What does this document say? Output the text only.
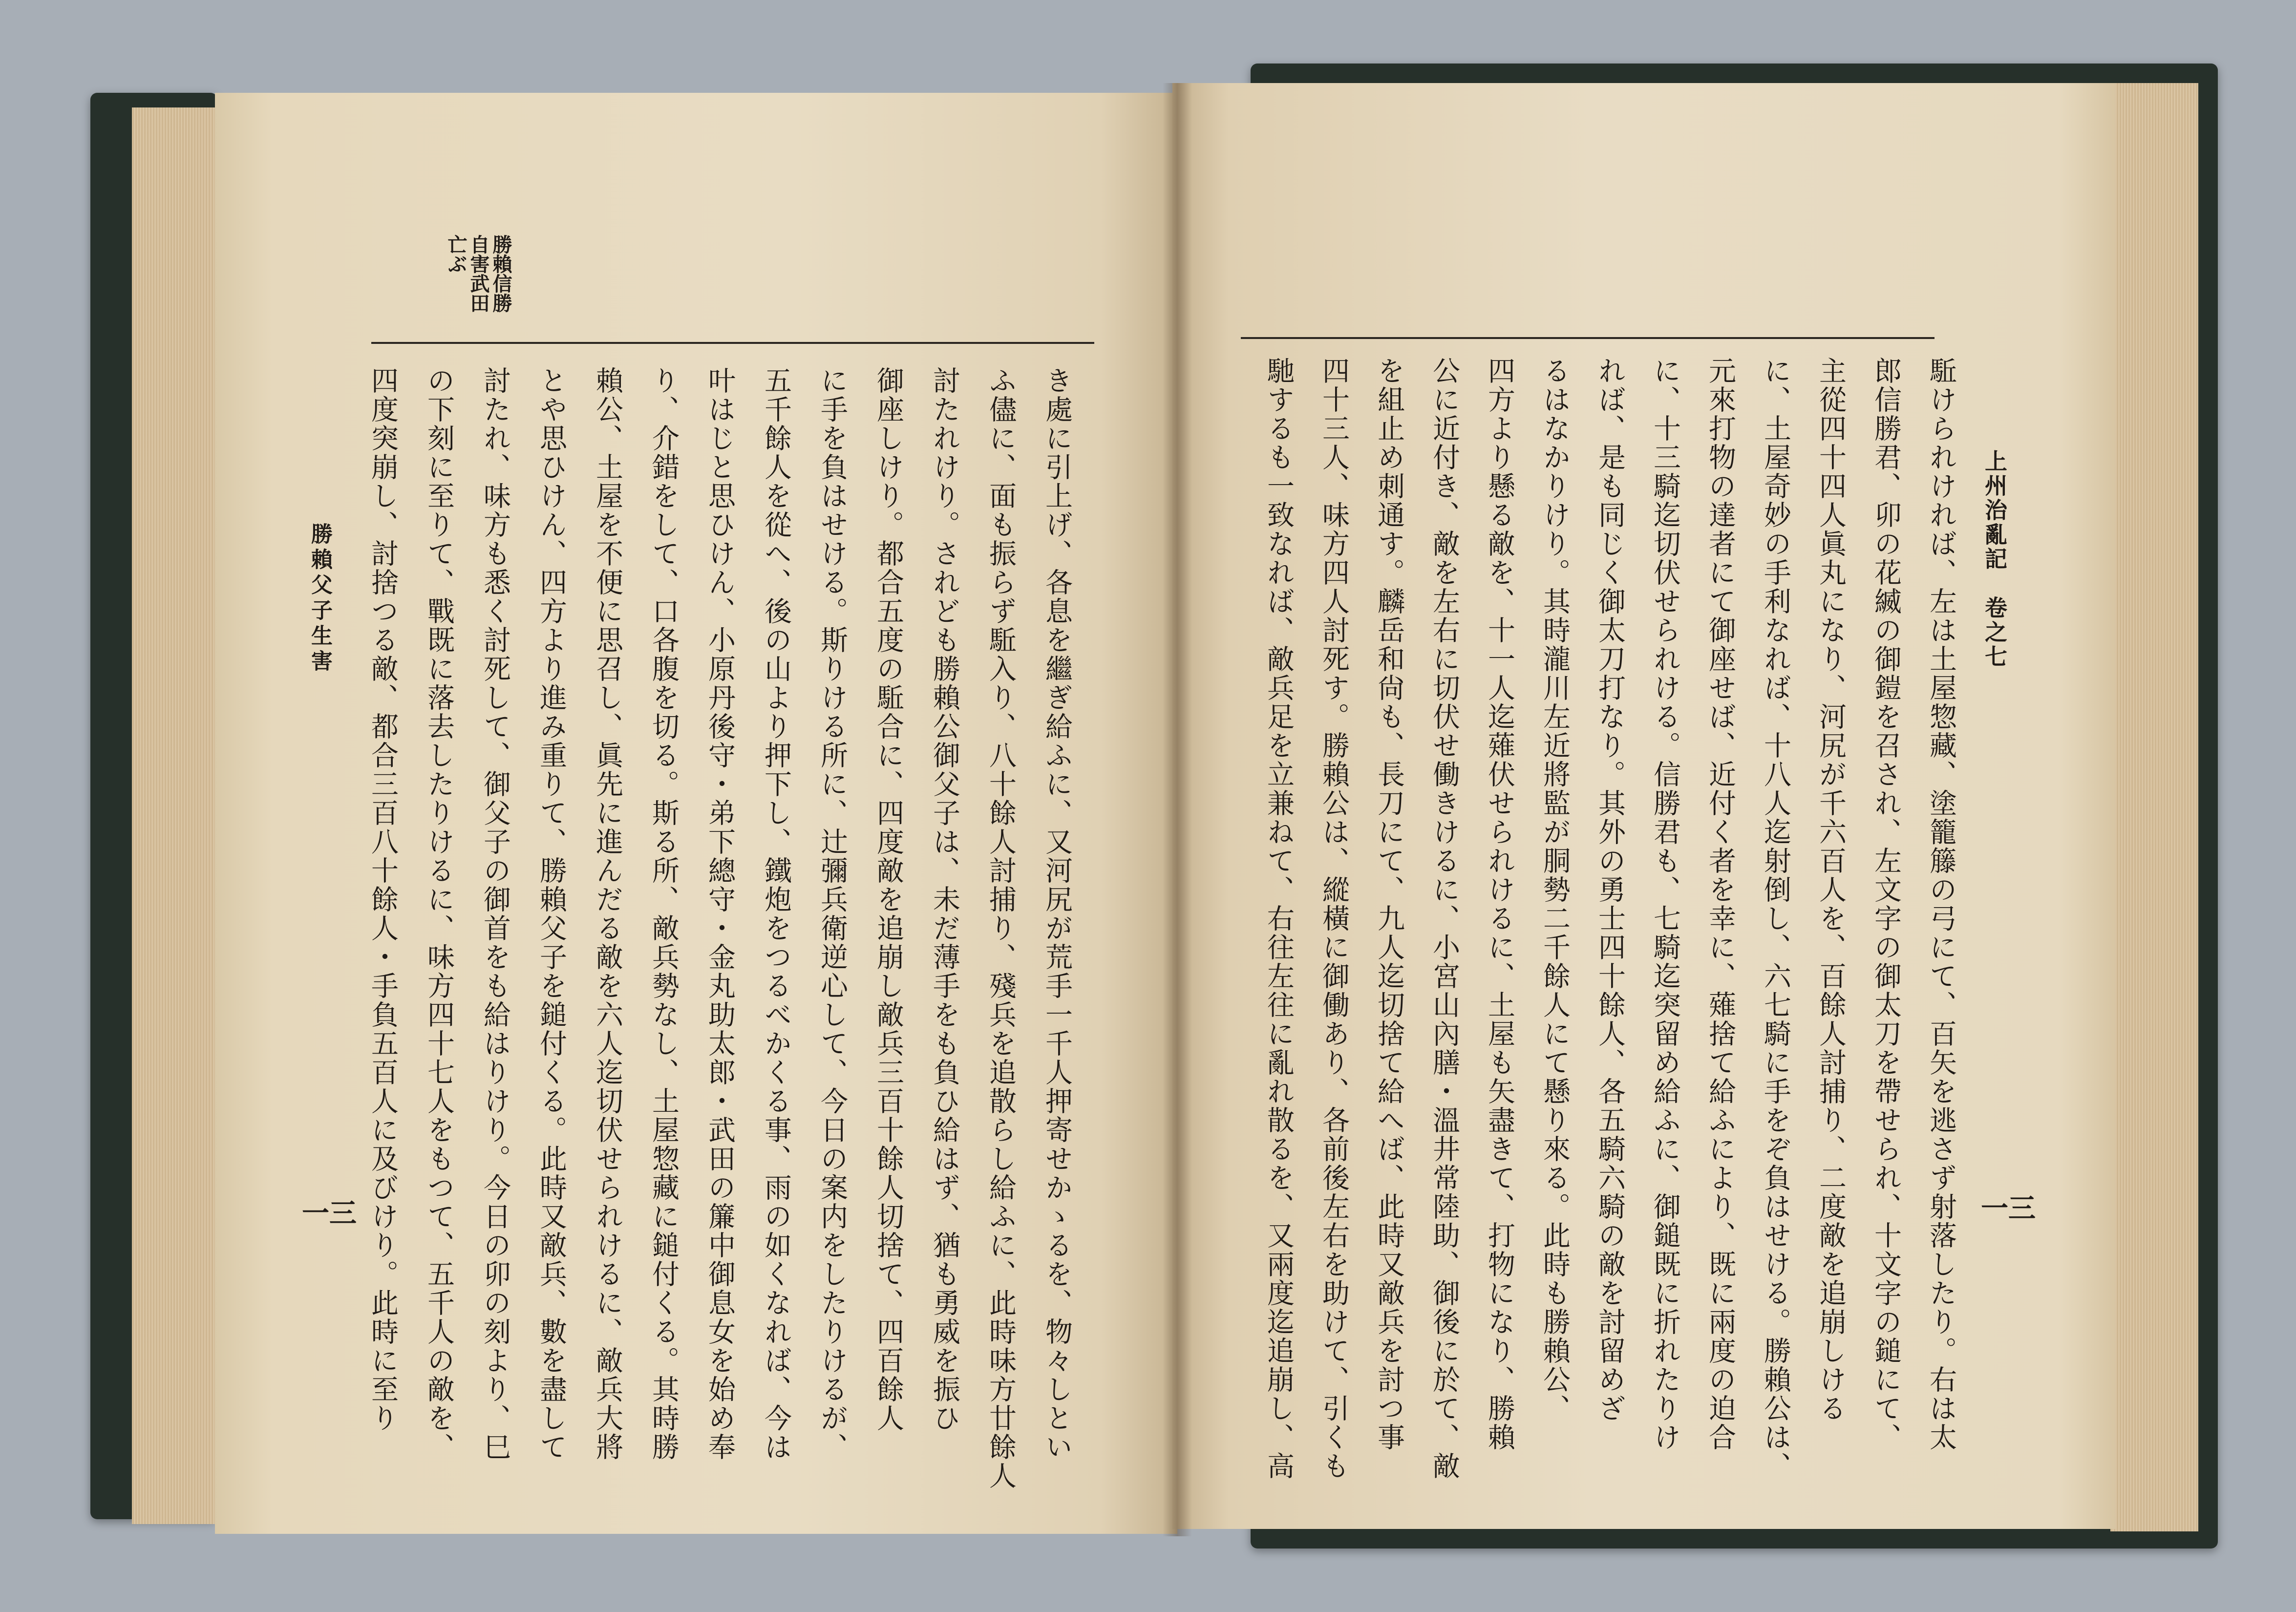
勝賴信勝
自害武田
亡ぶ
き處に引上げ、各息を繼ぎ給ふに、又河尻が荒手一千人押寄せかゝるを、物々しとい
ふ儘に、面も振らず駈入り、八十餘人討捕り、殘兵を追散らし給ふに、此時味方廿餘人
討たれけり。されども勝賴公御父子は、未だ薄手をも負ひ給はず、猶も勇威を振ひ
御座しけり。都合五度の駈合に、四度敵を追崩し敵兵三百十餘人切捨て、四百餘人
に手を負はせける。斯りける所に、辻彌兵衛逆心して、今日の案内をしたりけるが、
五千餘人を從へ、後の山より押下し、鐵炮をつるべかくる事、雨の如くなれば、今は
叶はじと思ひけん、小原丹後守・弟下總守・金丸助太郎・武田の簾中御息女を始め奉
り、介錯をして、口各腹を切る。斯る所、敵兵勢なし、土屋惣藏に鎚付くる。其時勝
賴公、土屋を不便に思召し、眞先に進んだる敵を六人迄切伏せられけるに、敵兵大將
とや思ひけん、四方より進み重りて、勝賴父子を鎚付くる。此時又敵兵、數を盡して
討たれ、味方も悉く討死して、御父子の御首をも給はりけり。今日の卯の刻より、巳
の下刻に至りて、戰既に落去したりけるに、味方四十七人をもつて、五千人の敵を、
四度突崩し、討捨つる敵、都合三百八十餘人・手負五百人に及びけり。此時に至り
勝賴父子生害
一三
上州治亂記　卷之七
駈けられければ、左は土屋惣藏、塗籠籐の弓にて、百矢を逃さず射落したり。右は太
郎信勝君、卯の花縅の御鎧を召され、左文字の御太刀を帶せられ、十文字の鎚にて、
主從四十四人眞丸になり、河尻が千六百人を、百餘人討捕り、二度敵を追崩しける
に、土屋奇妙の手利なれば、十八人迄射倒し、六七騎に手をぞ負はせける。勝賴公は、
元來打物の達者にて御座せば、近付く者を幸に、薙捨て給ふにより、既に兩度の迫合
に、十三騎迄切伏せられける。信勝君も、七騎迄突留め給ふに、御鎚既に折れたりけ
れば、是も同じく御太刀打なり。其外の勇士四十餘人、各五騎六騎の敵を討留めざ
るはなかりけり。其時瀧川左近將監が胴勢二千餘人にて懸り來る。此時も勝賴公、
四方より懸る敵を、十一人迄薙伏せられけるに、土屋も矢盡きて、打物になり、勝賴
公に近付き、敵を左右に切伏せ働きけるに、小宮山內膳・溫井常陸助、御後に於て、敵
を組止め刺通す。麟岳和尙も、長刀にて、九人迄切捨て給へば、此時又敵兵を討つ事
四十三人、味方四人討死す。勝賴公は、縱橫に御働あり、各前後左右を助けて、引くも
馳するも一致なれば、敵兵足を立兼ねて、右往左往に亂れ散るを、又兩度迄追崩し、高	一三
